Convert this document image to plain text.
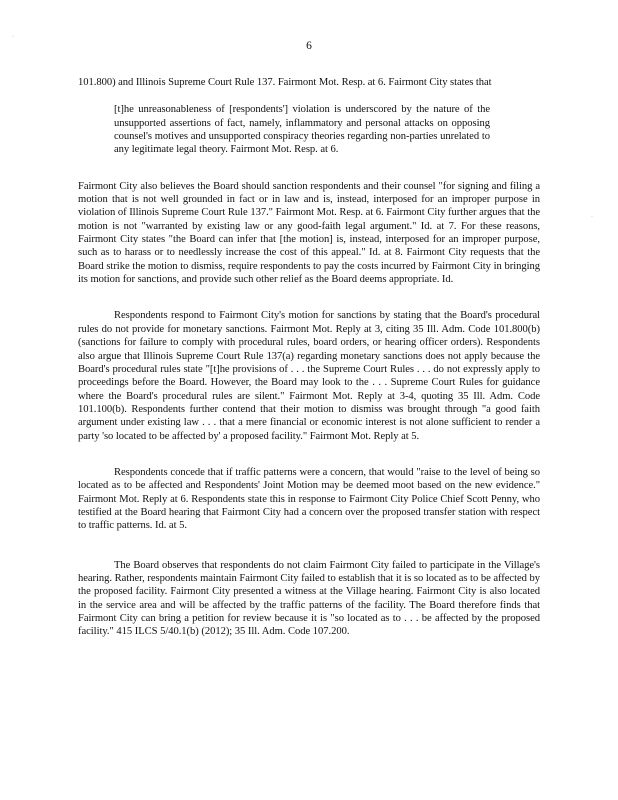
·
·
6

101.800) and Illinois Supreme Court Rule 137. Fairmont Mot. Resp. at 6. Fairmont City states that

[t]he unreasonableness of [respondents'] violation is underscored by the nature of the unsupported assertions of fact, namely, inflammatory and personal attacks on opposing counsel's motives and unsupported conspiracy theories regarding non-parties unrelated to any legitimate legal theory. Fairmont Mot. Resp. at 6.

Fairmont City also believes the Board should sanction respondents and their counsel "for signing and filing a motion that is not well grounded in fact or in law and is, instead, interposed for an improper purpose in violation of Illinois Supreme Court Rule 137." Fairmont Mot. Resp. at 6. Fairmont City further argues that the motion is not "warranted by existing law or any good-faith legal argument." Id. at 7. For these reasons, Fairmont City states "the Board can infer that [the motion] is, instead, interposed for an improper purpose, such as to harass or to needlessly increase the cost of this appeal." Id. at 8. Fairmont City requests that the Board strike the motion to dismiss, require respondents to pay the costs incurred by Fairmont City in bringing its motion for sanctions, and provide such other relief as the Board deems appropriate. Id.

Respondents respond to Fairmont City's motion for sanctions by stating that the Board's procedural rules do not provide for monetary sanctions. Fairmont Mot. Reply at 3, citing 35 Ill. Adm. Code 101.800(b) (sanctions for failure to comply with procedural rules, board orders, or hearing officer orders). Respondents also argue that Illinois Supreme Court Rule 137(a) regarding monetary sanctions does not apply because the Board's procedural rules state "[t]he provisions of . . . the Supreme Court Rules . . . do not expressly apply to proceedings before the Board. However, the Board may look to the . . . Supreme Court Rules for guidance where the Board's procedural rules are silent." Fairmont Mot. Reply at 3-4, quoting 35 Ill. Adm. Code 101.100(b). Respondents further contend that their motion to dismiss was brought through "a good faith argument under existing law . . . that a mere financial or economic interest is not alone sufficient to render a party 'so located to be affected by' a proposed facility." Fairmont Mot. Reply at 5.

Respondents concede that if traffic patterns were a concern, that would "raise to the level of being so located as to be affected and Respondents' Joint Motion may be deemed moot based on the new evidence." Fairmont Mot. Reply at 6. Respondents state this in response to Fairmont City Police Chief Scott Penny, who testified at the Board hearing that Fairmont City had a concern over the proposed transfer station with respect to traffic patterns. Id. at 5.

The Board observes that respondents do not claim Fairmont City failed to participate in the Village's hearing. Rather, respondents maintain Fairmont City failed to establish that it is so located as to be affected by the proposed facility. Fairmont City presented a witness at the Village hearing. Fairmont City is also located in the service area and will be affected by the traffic patterns of the facility. The Board therefore finds that Fairmont City can bring a petition for review because it is "so located as to . . . be affected by the proposed facility." 415 ILCS 5/40.1(b) (2012); 35 Ill. Adm. Code 107.200.
